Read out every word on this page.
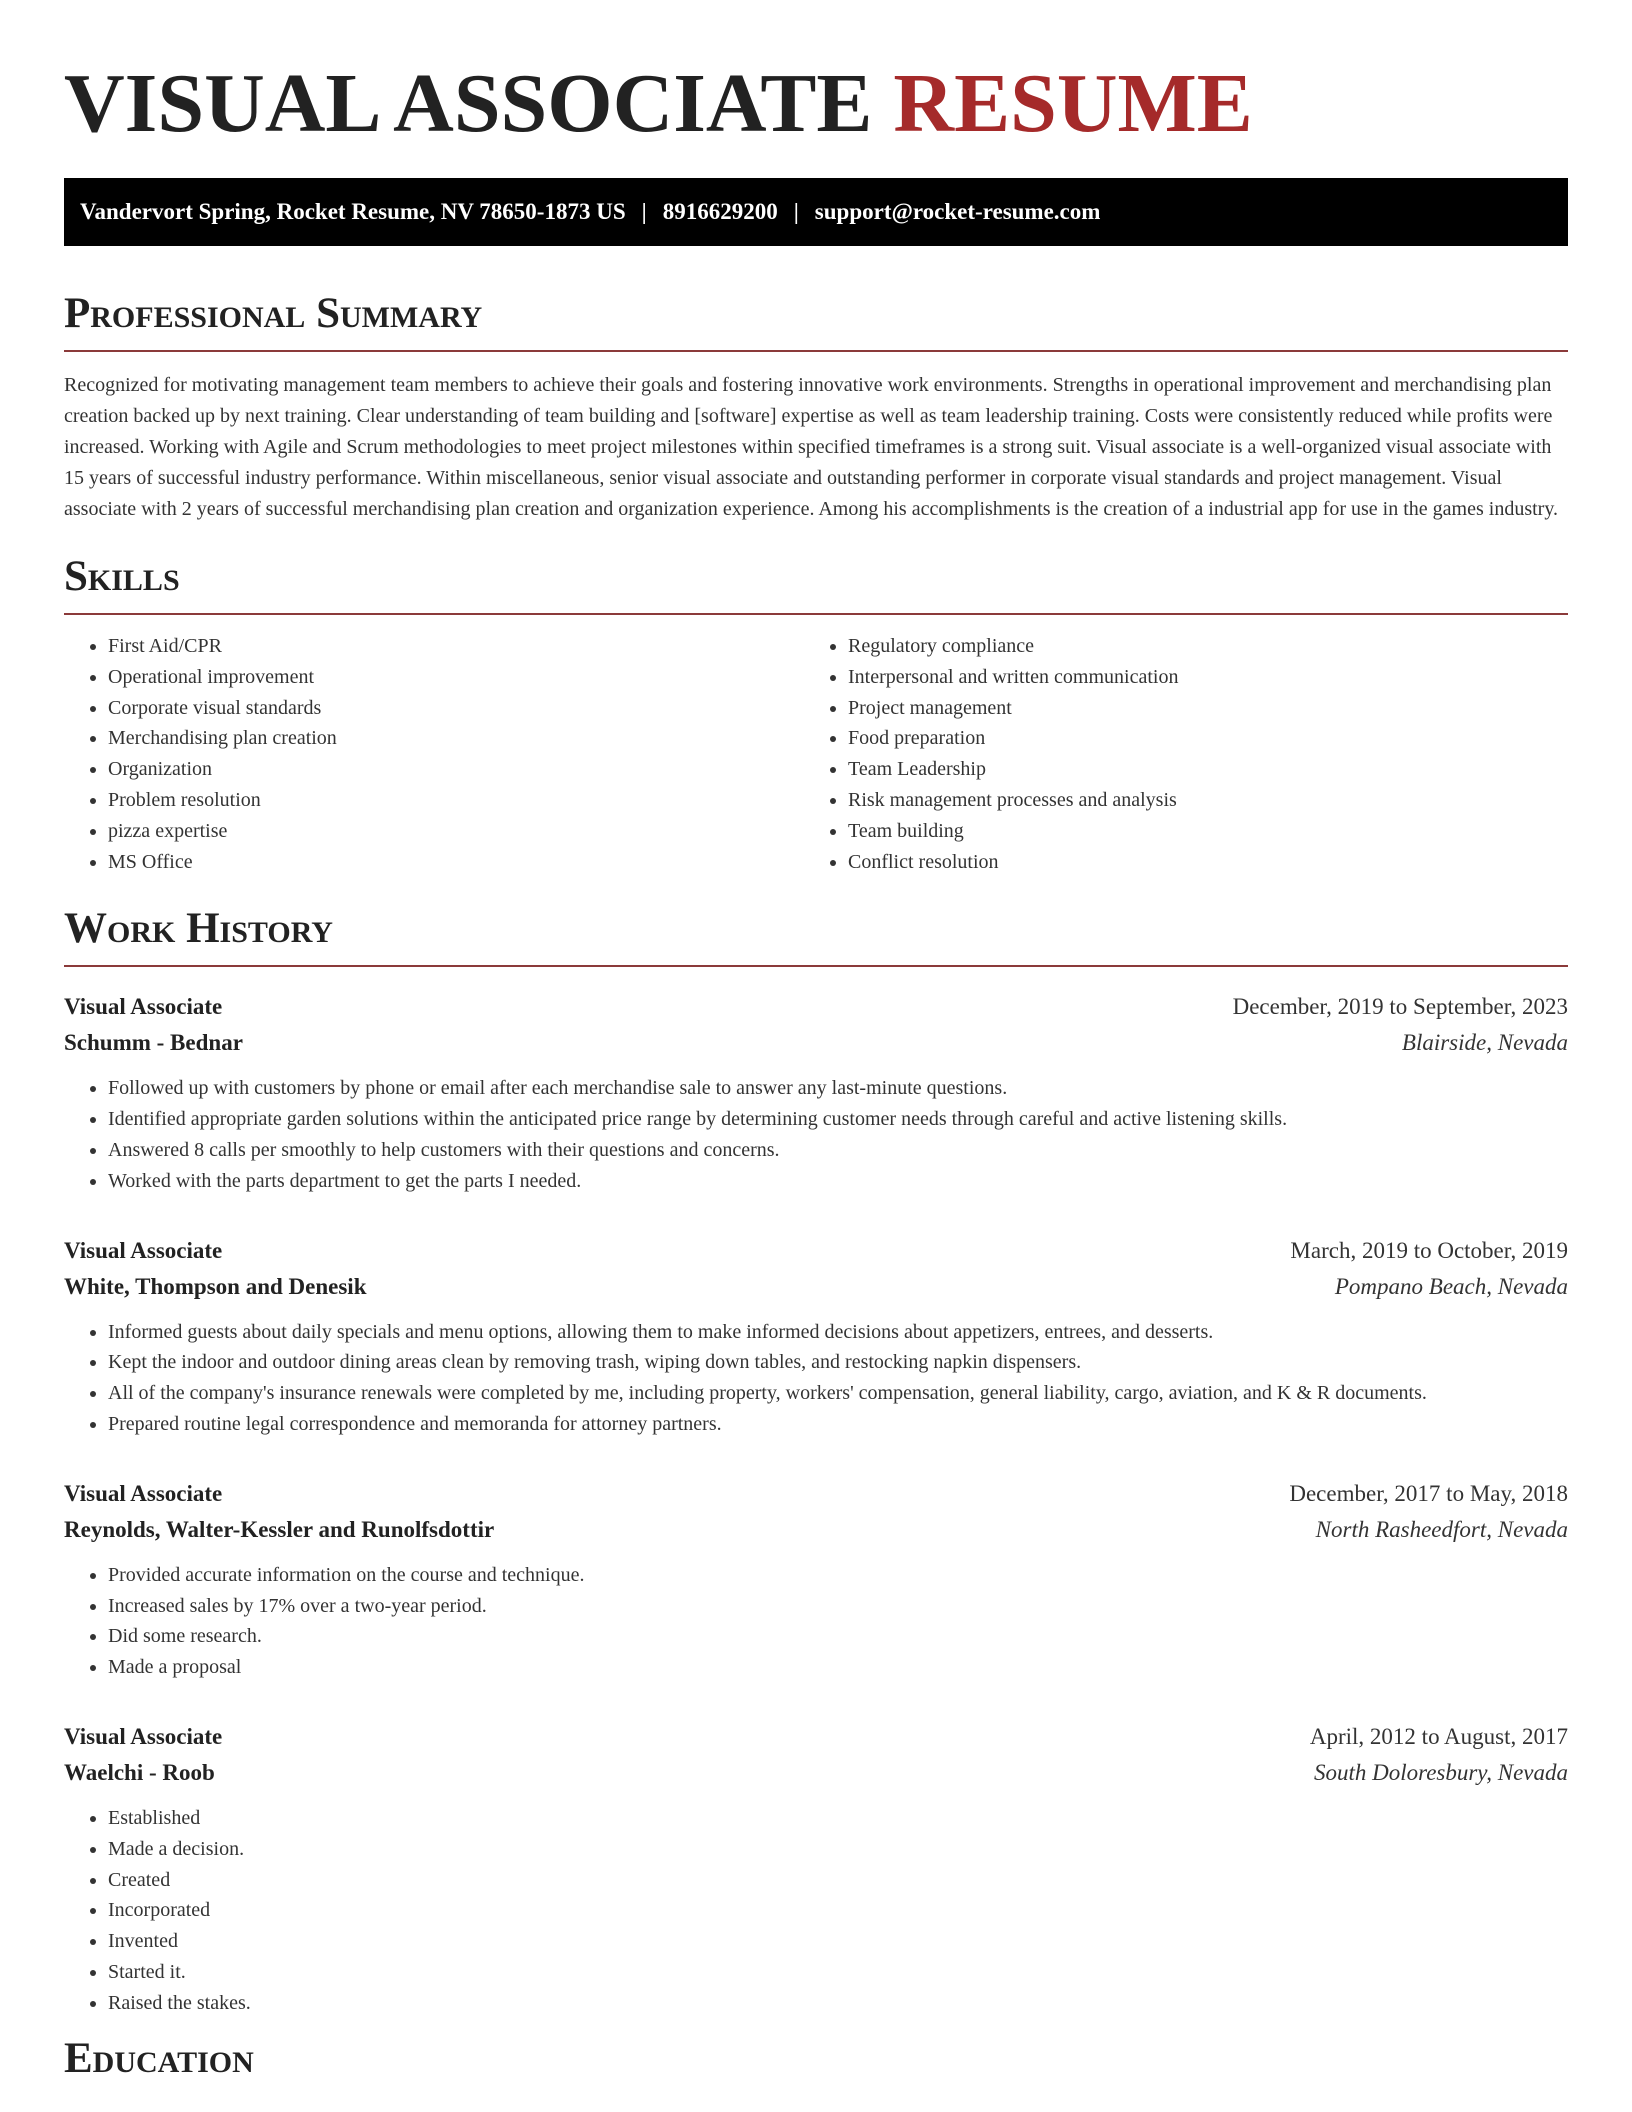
VISUAL ASSOCIATE RESUME
Vandervort Spring, Rocket Resume, NV 78650-1873 US | 8916629200 | support@rocket-resume.com
Professional Summary

Recognized for motivating management team members to achieve their goals and fostering innovative work environments. Strengths in operational improvement and merchandising plan creation backed up by next training. Clear understanding of team building and [software] expertise as well as team leadership training. Costs were consistently reduced while profits were increased. Working with Agile and Scrum methodologies to meet project milestones within specified timeframes is a strong suit. Visual associate is a well-organized visual associate with 15 years of successful industry performance. Within miscellaneous, senior visual associate and outstanding performer in corporate visual standards and project management. Visual associate with 2 years of successful merchandising plan creation and organization experience. Among his accomplishments is the creation of a industrial app for use in the games industry.

Skills
• First Aid/CPR
• Operational improvement
• Corporate visual standards
• Merchandising plan creation
• Organization
• Problem resolution
• pizza expertise
• MS Office
• Regulatory compliance
• Interpersonal and written communication
• Project management
• Food preparation
• Team Leadership
• Risk management processes and analysis
• Team building
• Conflict resolution
Work History
Visual Associate	December, 2019 to September, 2023
Schumm - Bednar	Blairside, Nevada
• Followed up with customers by phone or email after each merchandise sale to answer any last-minute questions.
• Identified appropriate garden solutions within the anticipated price range by determining customer needs through careful and active listening skills.
• Answered 8 calls per smoothly to help customers with their questions and concerns.
• Worked with the parts department to get the parts I needed.
Visual Associate	March, 2019 to October, 2019
White, Thompson and Denesik	Pompano Beach, Nevada
• Informed guests about daily specials and menu options, allowing them to make informed decisions about appetizers, entrees, and desserts.
• Kept the indoor and outdoor dining areas clean by removing trash, wiping down tables, and restocking napkin dispensers.
• All of the company's insurance renewals were completed by me, including property, workers' compensation, general liability, cargo, aviation, and K & R documents.
• Prepared routine legal correspondence and memoranda for attorney partners.
Visual Associate	December, 2017 to May, 2018
Reynolds, Walter-Kessler and Runolfsdottir	North Rasheedfort, Nevada
• Provided accurate information on the course and technique.
• Increased sales by 17% over a two-year period.
• Did some research.
• Made a proposal
Visual Associate	April, 2012 to August, 2017
Waelchi - Roob	South Doloresbury, Nevada
• Established
• Made a decision.
• Created
• Incorporated
• Invented
• Started it.
• Raised the stakes.
Education
